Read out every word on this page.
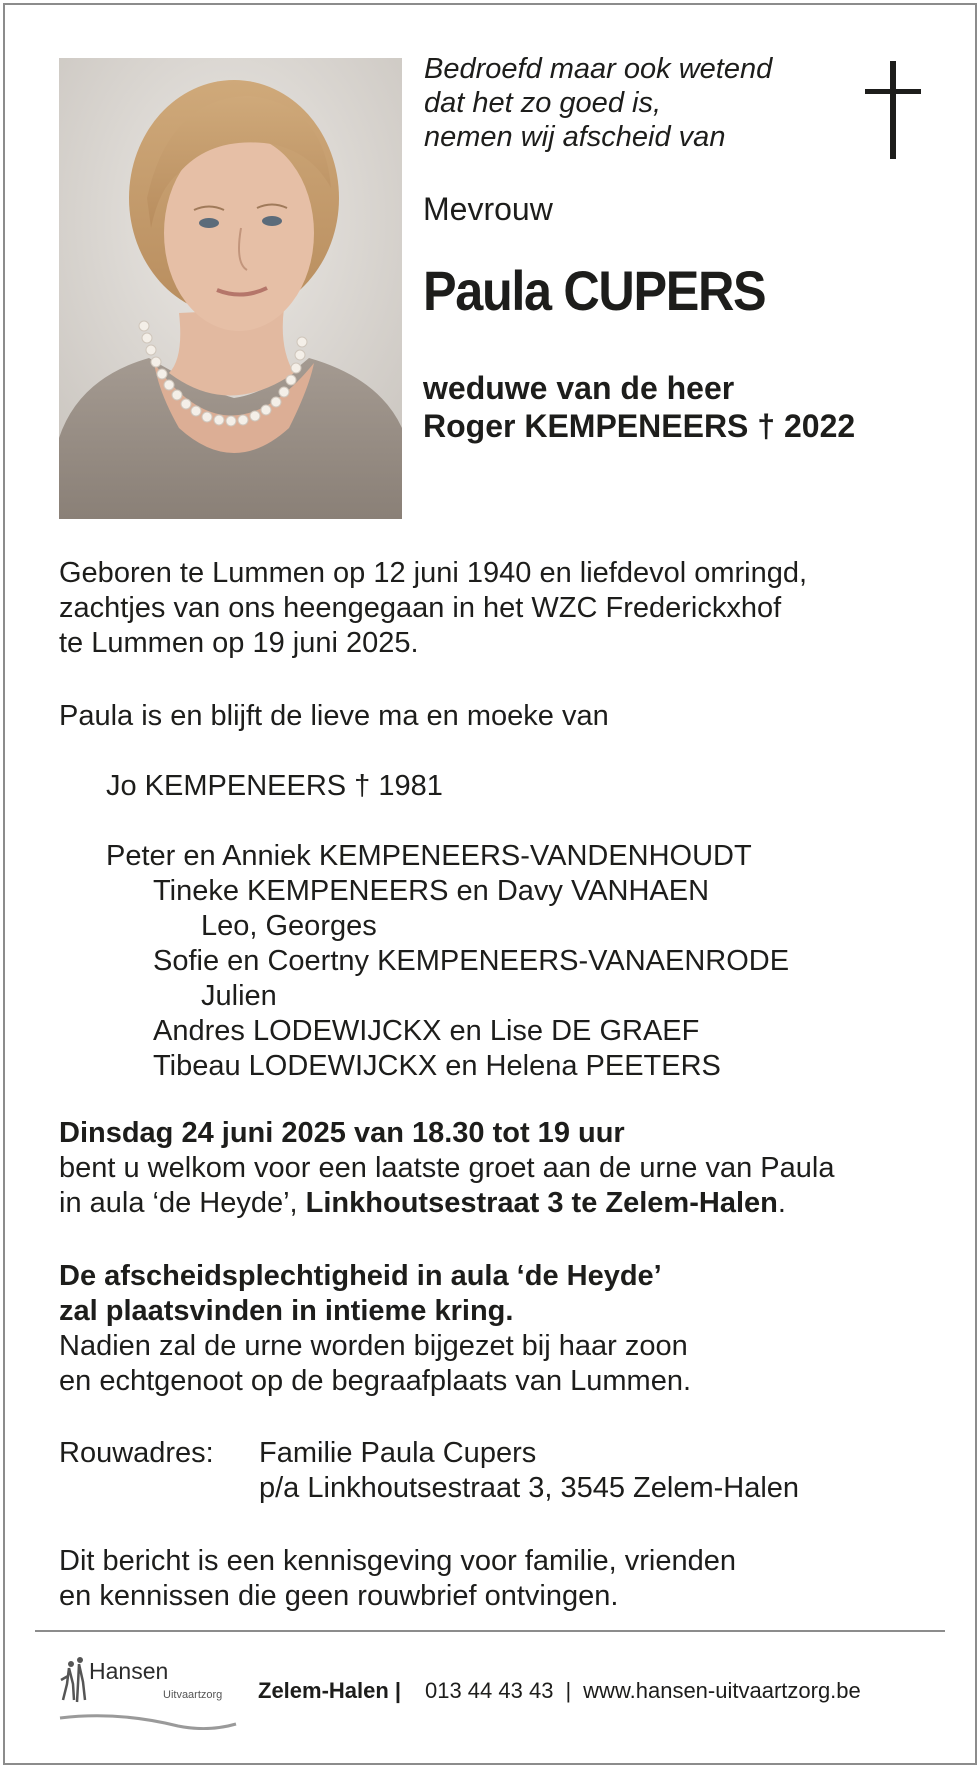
Bedroefd maar ook wetend
dat het zo goed is,
nemen wij afscheid van
Mevrouw
Paula CUPERS
weduwe van de heer
Roger KEMPENEERS † 2022
Geboren te Lummen op 12 juni 1940 en liefdevol omringd,
zachtjes van ons heengegaan in het WZC Frederickxhof
te Lummen op 19 juni 2025.
Paula is en blijft de lieve ma en moeke van
Jo KEMPENEERS † 1981
Peter en Anniek KEMPENEERS-VANDENHOUDT
Tineke KEMPENEERS en Davy VANHAEN
Leo, Georges
Sofie en Coertny KEMPENEERS-VANAENRODE
Julien
Andres LODEWIJCKX en Lise DE GRAEF
Tibeau LODEWIJCKX en Helena PEETERS
Dinsdag 24 juni 2025 van 18.30 tot 19 uur
bent u welkom voor een laatste groet aan de urne van Paula
in aula ‘de Heyde’, Linkhoutsestraat 3 te Zelem-Halen.
De afscheidsplechtigheid in aula ‘de Heyde’
zal plaatsvinden in intieme kring.
Nadien zal de urne worden bijgezet bij haar zoon
en echtgenoot op de begraafplaats van Lummen.
Rouwadres: Familie Paula Cupers
p/a Linkhoutsestraat 3, 3545 Zelem-Halen
Dit bericht is een kennisgeving voor familie, vrienden
en kennissen die geen rouwbrief ontvingen.
Hansen
Uitvaartzorg Zelem-Halen | 013 44 43 43 | www.hansen-uitvaartzorg.be
